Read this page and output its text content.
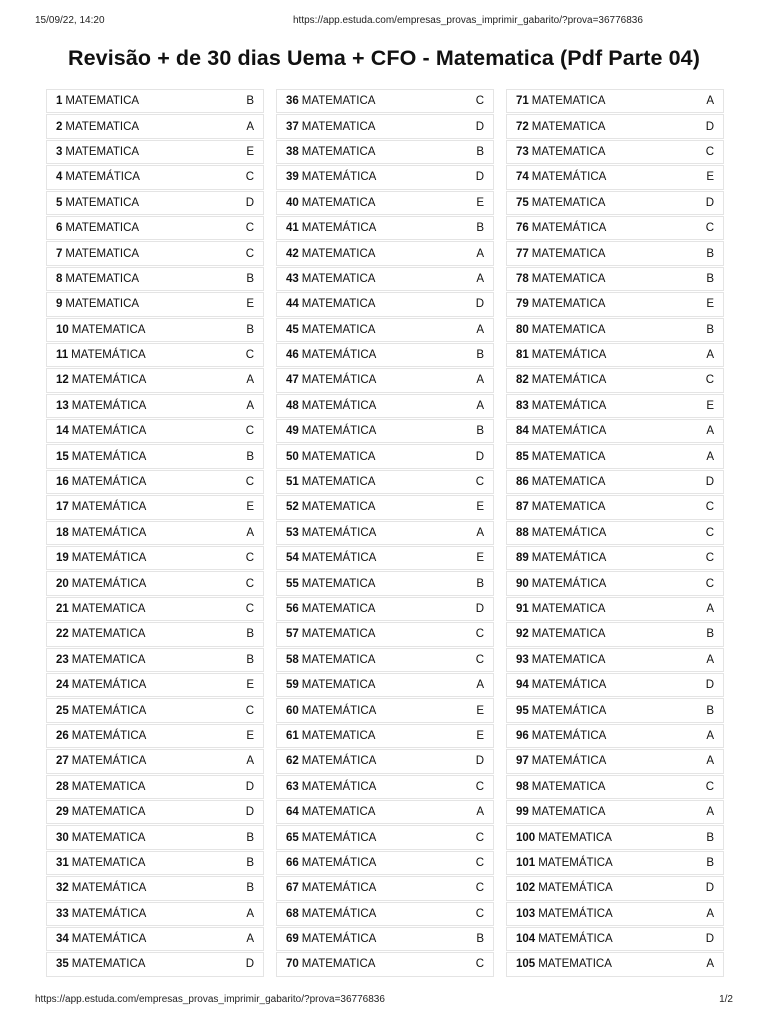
15/09/22, 14:20	https://app.estuda.com/empresas_provas_imprimir_gabarito/?prova=36776836
Revisão + de 30 dias Uema + CFO - Matematica (Pdf Parte 04)
1 MATEMATICA	B
2 MATEMATICA	A
3 MATEMATICA	E
4 MATEMÁTICA	C
5 MATEMATICA	D
6 MATEMATICA	C
7 MATEMATICA	C
8 MATEMATICA	B
9 MATEMATICA	E
10 MATEMATICA	B
11 MATEMÁTICA	C
12 MATEMÁTICA	A
13 MATEMÁTICA	A
14 MATEMÁTICA	C
15 MATEMÁTICA	B
16 MATEMÁTICA	C
17 MATEMÁTICA	E
18 MATEMÁTICA	A
19 MATEMÁTICA	C
20 MATEMÁTICA	C
21 MATEMATICA	C
22 MATEMATICA	B
23 MATEMATICA	B
24 MATEMÁTICA	E
25 MATEMÁTICA	C
26 MATEMÁTICA	E
27 MATEMÁTICA	A
28 MATEMATICA	D
29 MATEMATICA	D
30 MATEMATICA	B
31 MATEMATICA	B
32 MATEMÁTICA	B
33 MATEMÁTICA	A
34 MATEMÁTICA	A
35 MATEMATICA	D
36 MATEMATICA	C
37 MATEMATICA	D
38 MATEMATICA	B
39 MATEMÁTICA	D
40 MATEMATICA	E
41 MATEMÁTICA	B
42 MATEMATICA	A
43 MATEMATICA	A
44 MATEMATICA	D
45 MATEMATICA	A
46 MATEMÁTICA	B
47 MATEMÁTICA	A
48 MATEMÁTICA	A
49 MATEMÁTICA	B
50 MATEMATICA	D
51 MATEMATICA	C
52 MATEMATICA	E
53 MATEMÁTICA	A
54 MATEMÁTICA	E
55 MATEMATICA	B
56 MATEMATICA	D
57 MATEMATICA	C
58 MATEMATICA	C
59 MATEMATICA	A
60 MATEMÁTICA	E
61 MATEMATICA	E
62 MATEMÁTICA	D
63 MATEMÁTICA	C
64 MATEMATICA	A
65 MATEMÁTICA	C
66 MATEMÁTICA	C
67 MATEMÁTICA	C
68 MATEMÁTICA	C
69 MATEMÁTICA	B
70 MATEMATICA	C
71 MATEMATICA	A
72 MATEMATICA	D
73 MATEMATICA	C
74 MATEMÁTICA	E
75 MATEMATICA	D
76 MATEMÁTICA	C
77 MATEMATICA	B
78 MATEMATICA	B
79 MATEMATICA	E
80 MATEMATICA	B
81 MATEMÁTICA	A
82 MATEMÁTICA	C
83 MATEMÁTICA	E
84 MATEMÁTICA	A
85 MATEMATICA	A
86 MATEMATICA	D
87 MATEMATICA	C
88 MATEMÁTICA	C
89 MATEMÁTICA	C
90 MATEMÁTICA	C
91 MATEMATICA	A
92 MATEMATICA	B
93 MATEMATICA	A
94 MATEMÁTICA	D
95 MATEMÁTICA	B
96 MATEMÁTICA	A
97 MATEMÁTICA	A
98 MATEMATICA	C
99 MATEMATICA	A
100 MATEMATICA	B
101 MATEMÁTICA	B
102 MATEMÁTICA	D
103 MATEMÁTICA	A
104 MATEMÁTICA	D
105 MATEMATICA	A
https://app.estuda.com/empresas_provas_imprimir_gabarito/?prova=36776836	1/2
